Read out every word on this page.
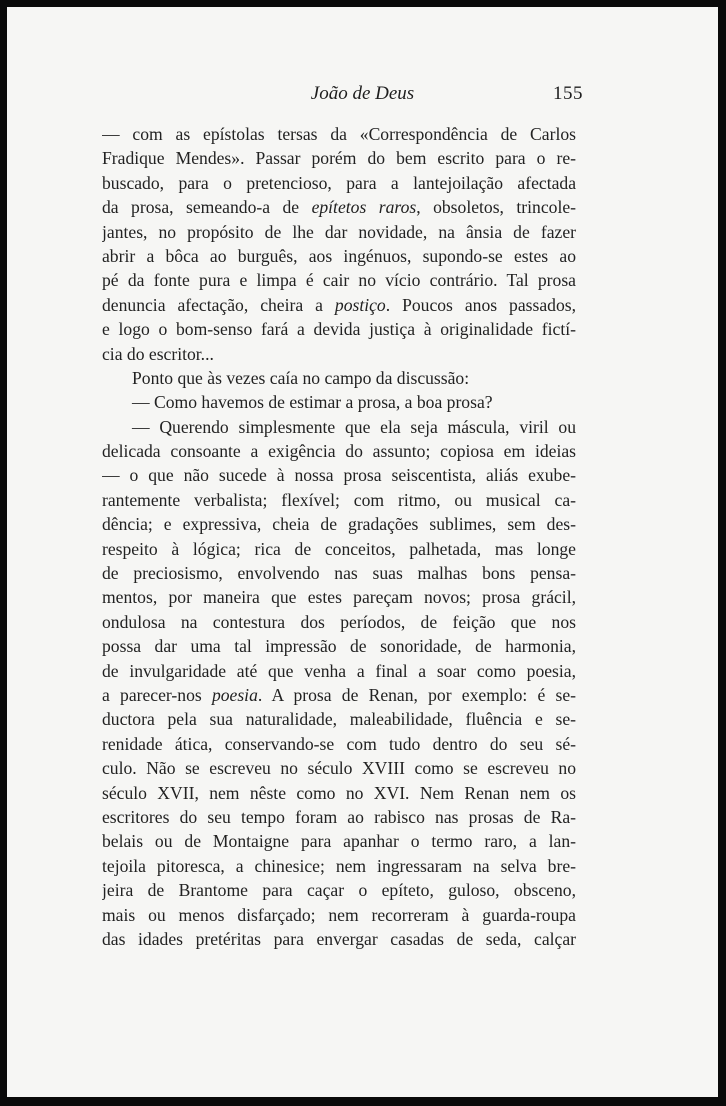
João de Deus	155
— com as epístolas tersas da «Correspondência de Carlos
Fradique Mendes». Passar porém do bem escrito para o re-
buscado, para o pretencioso, para a lantejoilação afectada
da prosa, semeando-a de epítetos raros, obsoletos, trincole-
jantes, no propósito de lhe dar novidade, na ânsia de fazer
abrir a bôca ao burguês, aos ingénuos, supondo-se estes ao
pé da fonte pura e limpa é cair no vício contrário. Tal prosa
denuncia afectação, cheira a postiço. Poucos anos passados,
e logo o bom-senso fará a devida justiça à originalidade fictí-
cia do escritor...
Ponto que às vezes caía no campo da discussão:
— Como havemos de estimar a prosa, a boa prosa?
— Querendo simplesmente que ela seja máscula, viril ou
delicada consoante a exigência do assunto; copiosa em ideias
— o que não sucede à nossa prosa seiscentista, aliás exube-
rantemente verbalista; flexível; com ritmo, ou musical ca-
dência; e expressiva, cheia de gradações sublimes, sem des-
respeito à lógica; rica de conceitos, palhetada, mas longe
de preciosismo, envolvendo nas suas malhas bons pensa-
mentos, por maneira que estes pareçam novos; prosa grácil,
ondulosa na contestura dos períodos, de feição que nos
possa dar uma tal impressão de sonoridade, de harmonia,
de invulgaridade até que venha a final a soar como poesia,
a parecer-nos poesia. A prosa de Renan, por exemplo: é se-
ductora pela sua naturalidade, maleabilidade, fluência e se-
renidade ática, conservando-se com tudo dentro do seu sé-
culo. Não se escreveu no século XVIII como se escreveu no
século XVII, nem nêste como no XVI. Nem Renan nem os
escritores do seu tempo foram ao rabisco nas prosas de Ra-
belais ou de Montaigne para apanhar o termo raro, a lan-
tejoila pitoresca, a chinesice; nem ingressaram na selva bre-
jeira de Brantome para caçar o epíteto, guloso, obsceno,
mais ou menos disfarçado; nem recorreram à guarda-roupa
das idades pretéritas para envergar casadas de seda, calçar
